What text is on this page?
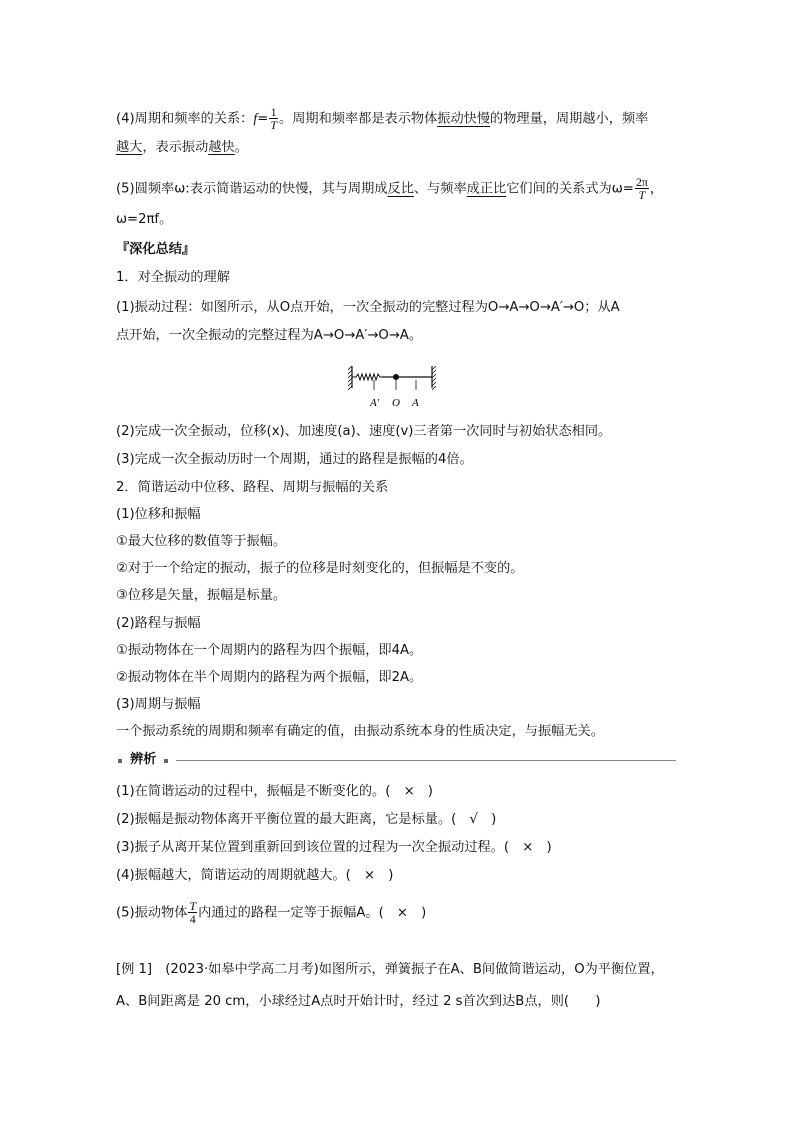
(4)周期和频率的关系：$f= \frac{1}{T}$ 。周期和频率都是表示物体振动快慢的物理量，周期越小，频率
越大，表示振动越快。
(5)圆频率ω:表示简谐运动的快慢，其与周期成反比、与频率成正比它们间的关系式为$\omega= \frac{2\pi}{T}$ ，
ω=2πf。
『深化总结』
1．对全振动的理解
(1)振动过程：如图所示，从O点开始，一次全振动的完整过程为O→A→O→A′→O；从A
点开始，一次全振动的完整过程为A→O→A′→O→A。
A′ O A
(2)完成一次全振动，位移(x)、加速度(a)、速度(v)三者第一次同时与初始状态相同。
(3)完成一次全振动历时一个周期，通过的路程是振幅的4倍。
2．简谐运动中位移、路程、周期与振幅的关系
(1)位移和振幅
①最大位移的数值等于振幅。
②对于一个给定的振动，振子的位移是时刻变化的，但振幅是不变的。
③位移是矢量，振幅是标量。
(2)路程与振幅
①振动物体在一个周期内的路程为四个振幅，即4A。
②振动物体在半个周期内的路程为两个振幅，即2A。
(3)周期与振幅
一个振动系统的周期和频率有确定的值，由振动系统本身的性质决定，与振幅无关。
辨析
(1)在简谐运动的过程中，振幅是不断变化的。(　×　)
(2)振幅是振动物体离开平衡位置的最大距离，它是标量。(　√　)
(3)振子从离开某位置到重新回到该位置的过程为一次全振动过程。(　×　)
(4)振幅越大，简谐运动的周期就越大。(　×　)
(5)振动物体 $\frac{T}{4}$ 内通过的路程一定等于振幅A。(　×　)
[例 1]　(2023·如皋中学高二月考)如图所示，弹簧振子在A、B间做简谐运动，O为平衡位置，
A、B间距离是 20 cm，小球经过A点时开始计时，经过 2 s首次到达B点，则(　　)
